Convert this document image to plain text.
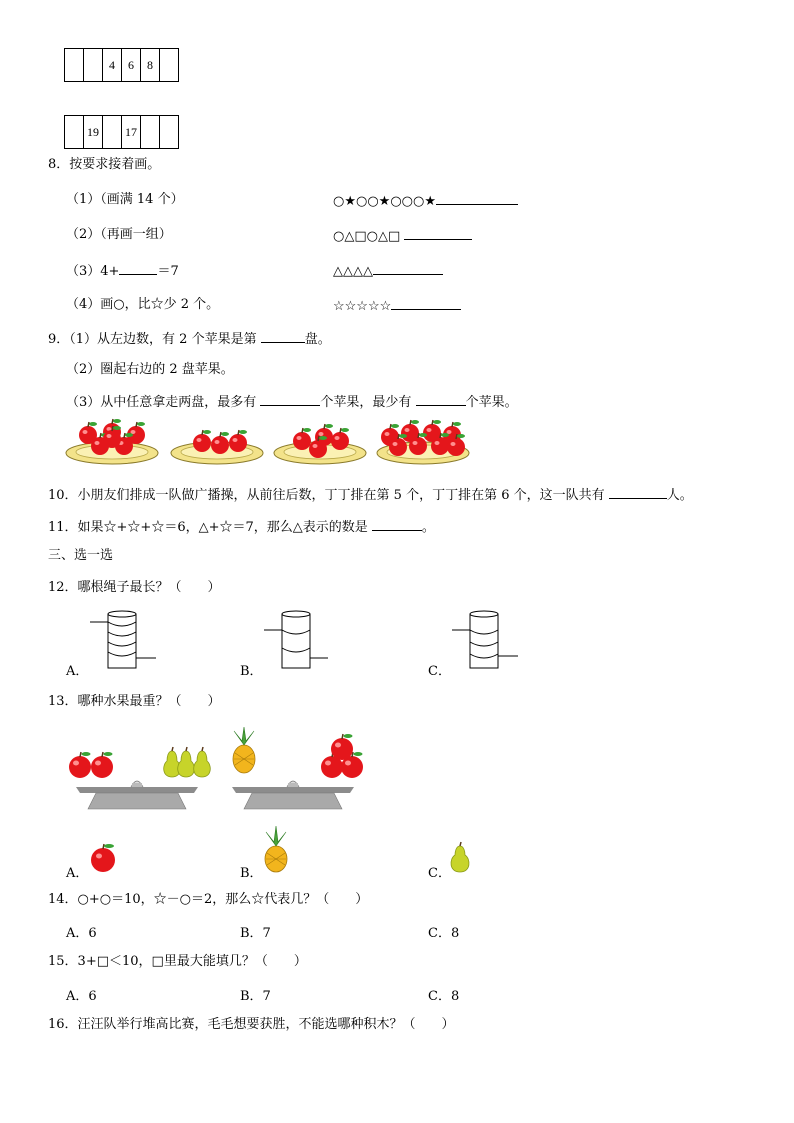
		4	6	8	
	19		17		
8．按要求接着画。
（1）（画满 14 个）	○★○○★○○○★
（2）（再画一组）	○△□○△□
（3）4+	＝7	△△△△
（4）画○，比☆少 2 个。	☆☆☆☆☆
9．（1）从左边数，有 2 个苹果是第	盘。
（2）圈起右边的 2 盘苹果。
（3）从中任意拿走两盘，最多有	个苹果，最少有	个苹果。
10．小朋友们排成一队做广播操，从前往后数，丁丁排在第 5 个，丁丁排在第 6 个，这一队共有	人。
11．如果☆+☆+☆＝6，△+☆＝7，那么△表示的数是	。
三、选一选
12．哪根绳子最长？（　　）
A．	B．	C．
13．哪种水果最重？（　　）
A．	B．	C．
14．○+○＝10，☆－○＝2，那么☆代表几？（　　）
A．6	B．7	C．8
15．3+□＜10，□里最大能填几？（　　）
A．6	B．7	C．8
16．汪汪队举行堆高比赛，毛毛想要获胜，不能选哪种积木？（　　）
